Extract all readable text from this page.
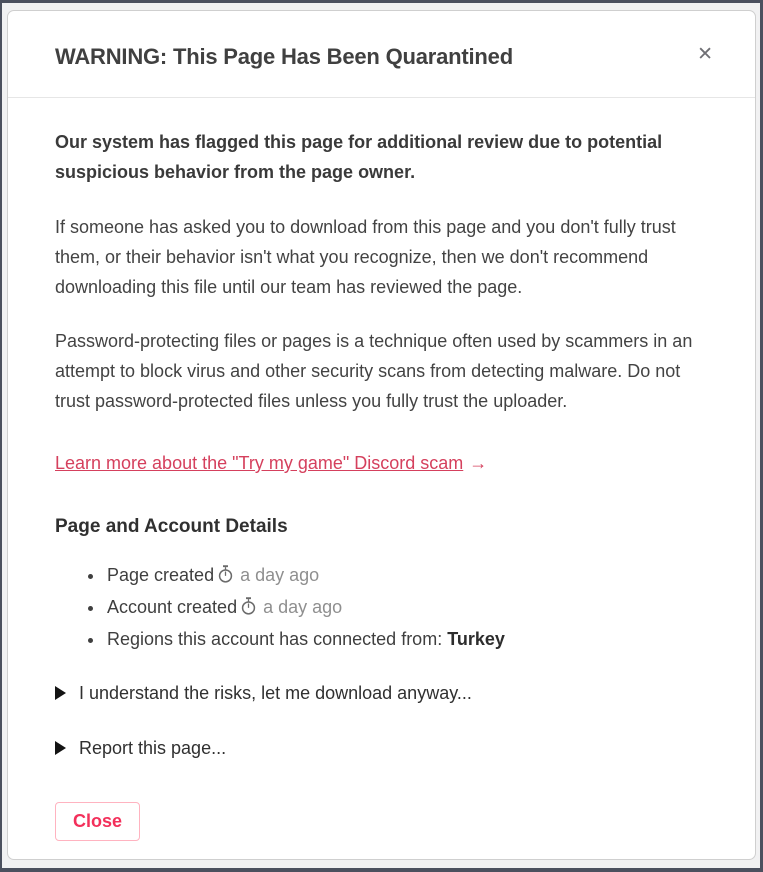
WARNING: This Page Has Been Quarantined	✕

Our system has flagged this page for additional review due to potential suspicious behavior from the page owner.

If someone has asked you to download from this page and you don't fully trust them, or their behavior isn't what you recognize, then we don't recommend downloading this file until our team has reviewed the page.

Password-protecting files or pages is a technique often used by scammers in an attempt to block virus and other security scans from detecting malware. Do not trust password-protected files unless you fully trust the uploader.

Learn more about the "Try my game" Discord scam →
Page and Account Details
• Page created a day ago
• Account created a day ago
• Regions this account has connected from: Turkey
I understand the risks, let me download anyway...
Report this page...
Close
